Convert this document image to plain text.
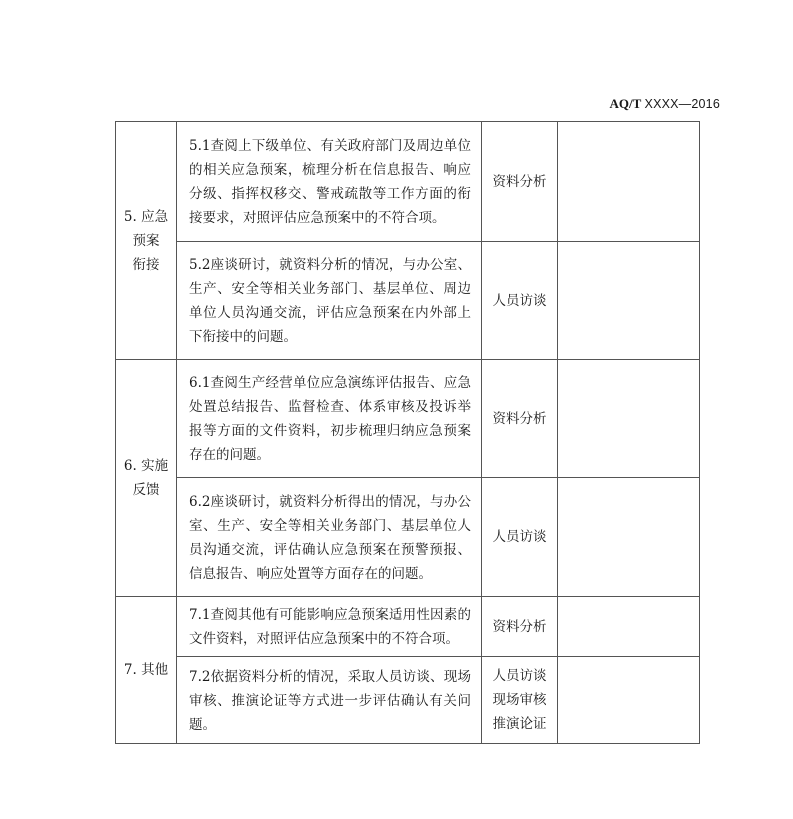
AQ/T XXXX—2016
5. 应急
预案
衔接	5.1查阅上下级单位、有关政府部门及周边单位的相关应急预案，梳理分析在信息报告、响应分级、指挥权移交、警戒疏散等工作方面的衔接要求，对照评估应急预案中的不符合项。	资料分析	

	5.2座谈研讨，就资料分析的情况，与办公室、生产、安全等相关业务部门、基层单位、周边单位人员沟通交流，评估应急预案在内外部上下衔接中的问题。	人员访谈	

6. 实施
反馈	6.1查阅生产经营单位应急演练评估报告、应急处置总结报告、监督检查、体系审核及投诉举报等方面的文件资料，初步梳理归纳应急预案存在的问题。	资料分析	

	6.2座谈研讨，就资料分析得出的情况，与办公室、生产、安全等相关业务部门、基层单位人员沟通交流，评估确认应急预案在预警预报、信息报告、响应处置等方面存在的问题。	人员访谈	

7. 其他	7.1查阅其他有可能影响应急预案适用性因素的文件资料，对照评估应急预案中的不符合项。	资料分析	

	7.2依据资料分析的情况，采取人员访谈、现场审核、推演论证等方式进一步评估确认有关问题。	人员访谈
现场审核
推演论证	
